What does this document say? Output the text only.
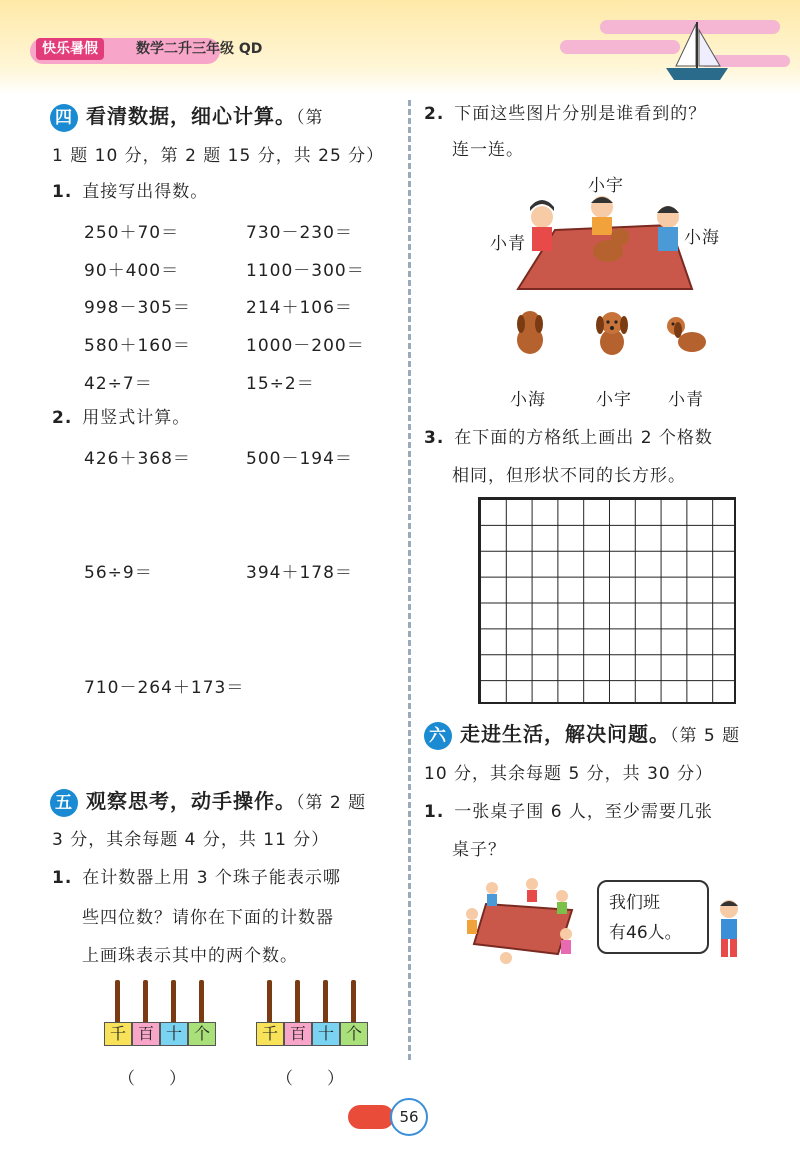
快乐暑假	数学二升三年级 QD
四 看清数据，细心计算。（第
1 题 10 分，第 2 题 15 分，共 25 分）
1. 直接写出得数。
250＋70＝	730－230＝
90＋400＝	1100－300＝
998－305＝	214＋106＝
580＋160＝	1000－200＝
42÷7＝	15÷2＝
2. 用竖式计算。
426＋368＝	500－194＝
56÷9＝	394＋178＝
710－264＋173＝
五 观察思考，动手操作。（第 2 题
3 分，其余每题 4 分，共 11 分）
1. 在计数器上用 3 个珠子能表示哪
些四位数？请你在下面的计数器
上画珠表示其中的两个数。
千 百 十 个
（　　）
千 百 十 个
（　　）
2. 下面这些图片分别是谁看到的？
连一连。
小宇
小青	小海
小海	小宇 小青
3. 在下面的方格纸上画出 2 个格数
相同，但形状不同的长方形。
六 走进生活，解决问题。（第 5 题
10 分，其余每题 5 分，共 30 分）
1. 一张桌子围 6 人，至少需要几张
桌子？
我们班
有46人。
56
